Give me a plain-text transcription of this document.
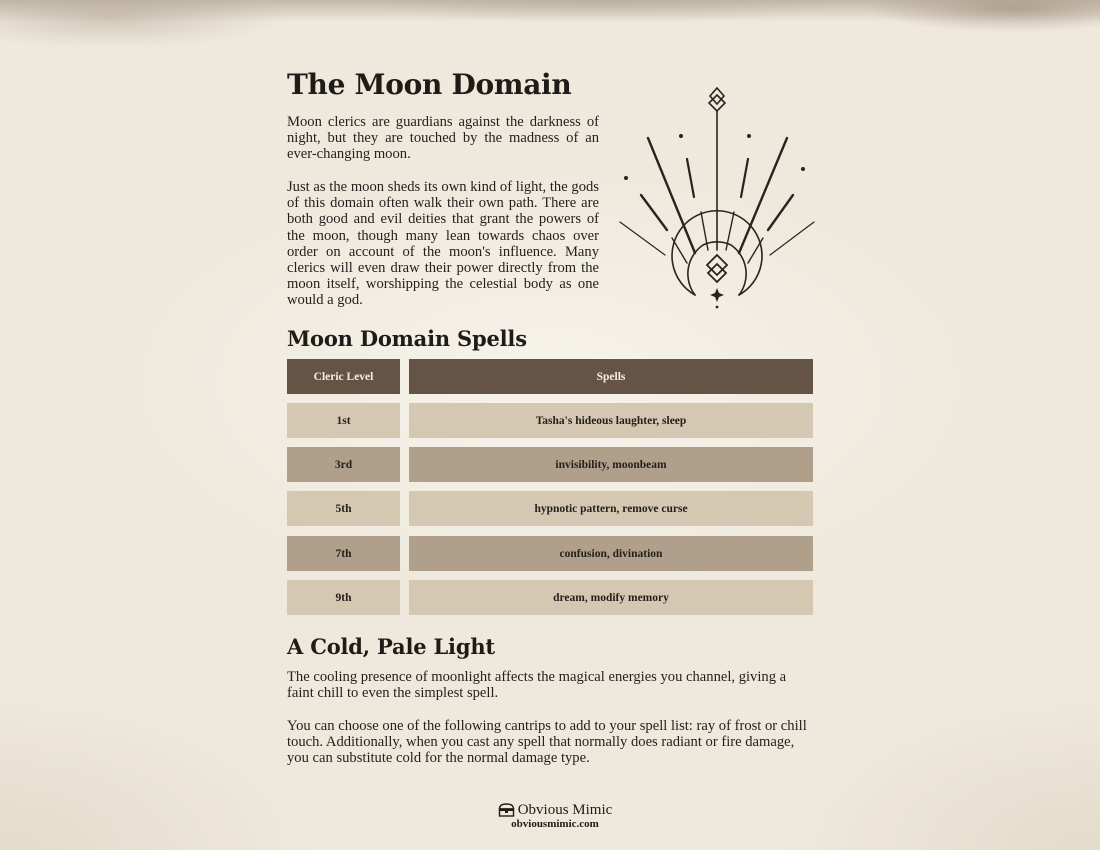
The Moon Domain

Moon clerics are guardians against the darkness of night, but they are touched by the madness of an ever-changing moon.

Just as the moon sheds its own kind of light, the gods of this domain often walk their own path. There are both good and evil deities that grant the powers of the moon, though many lean towards chaos over order on account of the moon's influence. Many clerics will even draw their power directly from the moon itself, worshipping the celestial body as one would a god.

Moon Domain Spells
Cleric Level	Spells
1st	Tasha's hideous laughter, sleep
3rd	invisibility, moonbeam
5th	hypnotic pattern, remove curse
7th	confusion, divination
9th	dream, modify memory
A Cold, Pale Light

The cooling presence of moonlight affects the magical energies you channel, giving a faint chill to even the simplest spell.

You can choose one of the following cantrips to add to your spell list: ray of frost or chill touch. Additionally, when you cast any spell that normally does radiant or fire damage, you can substitute cold for the normal damage type.

Obvious Mimic
obviousmimic.com
